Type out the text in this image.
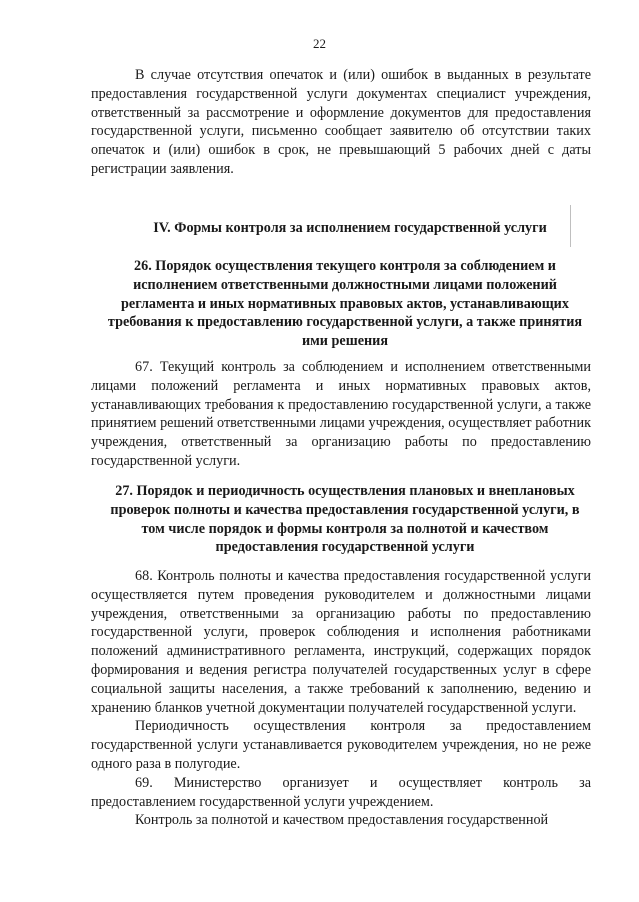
22

В случае отсутствия опечаток и (или) ошибок в выданных в результате предоставления государственной услуги документах специалист учреждения, ответственный за рассмотрение и оформление документов для предоставления государственной услуги, письменно сообщает заявителю об отсутствии таких опечаток и (или) ошибок в срок, не превышающий 5 рабочих дней с даты регистрации заявления.

IV. Формы контроля за исполнением государственной услуги
26. Порядок осуществления текущего контроля за соблюдением и исполнением ответственными должностными лицами положений регламента и иных нормативных правовых актов, устанавливающих требования к предоставлению государственной услуги, а также принятия ими решения

67. Текущий контроль за соблюдением и исполнением ответственными лицами положений регламента и иных нормативных правовых актов, устанавливающих требования к предоставлению государственной услуги, а также принятием решений ответственными лицами учреждения, осуществляет работник учреждения, ответственный за организацию работы по предоставлению государственной услуги.

27. Порядок и периодичность осуществления плановых и внеплановых проверок полноты и качества предоставления государственной услуги, в том числе порядок и формы контроля за полнотой и качеством предоставления государственной услуги

68. Контроль полноты и качества предоставления государственной услуги осуществляется путем проведения руководителем и должностными лицами учреждения, ответственными за организацию работы по предоставлению государственной услуги, проверок соблюдения и исполнения работниками положений административного регламента, инструкций, содержащих порядок формирования и ведения регистра получателей государственных услуг в сфере социальной защиты населения, а также требований к заполнению, ведению и хранению бланков учетной документации получателей государственной услуги.

Периодичность осуществления контроля за предоставлением государственной услуги устанавливается руководителем учреждения, но не реже одного раза в полугодие.

69. Министерство организует и осуществляет контроль за предоставлением государственной услуги учреждением.

Контроль за полнотой и качеством предоставления государственной
